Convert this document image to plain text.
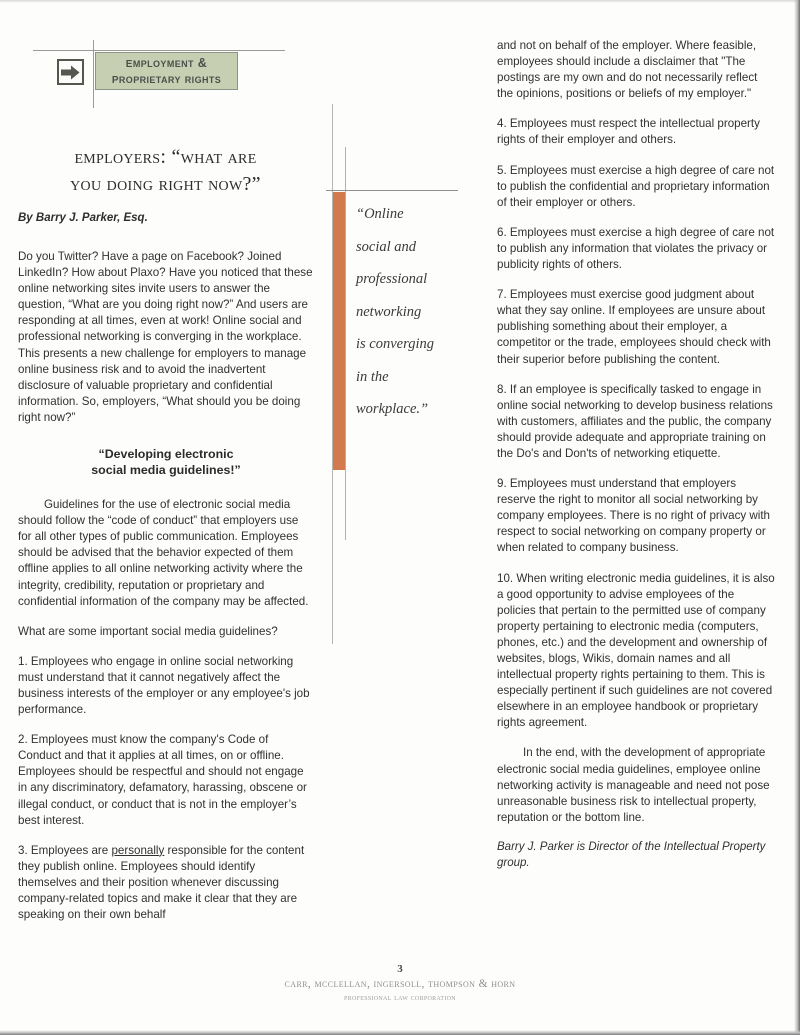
employment &
proprietary rights
employers: “what are
you doing right now?”
By Barry J. Parker, Esq.	“Online
social and
professional
networking
is converging
in the
workplace.”

Do you Twitter? Have a page on Facebook? Joined LinkedIn? How about Plaxo? Have you noticed that these online networking sites invite users to answer the question, “What are you doing right now?” And users are responding at all times, even at work! Online social and professional networking is converging in the workplace. This presents a new challenge for employers to manage online business risk and to avoid the inadvertent disclosure of valuable proprietary and confidential information. So, employers, “What should you be doing right now?”

“Developing electronic
social media guidelines!”

Guidelines for the use of electronic social media should follow the “code of conduct” that employers use for all other types of public communication. Employees should be advised that the behavior expected of them offline applies to all online networking activity where the integrity, credibility, reputation or proprietary and confidential information of the company may be affected.

What are some important social media guidelines?

1. Employees who engage in online social networking must understand that it cannot negatively affect the business interests of the employer or any employee's job performance.

2. Employees must know the company's Code of Conduct and that it applies at all times, on or offline. Employees should be respectful and should not engage in any discriminatory, defamatory, harassing, obscene or illegal conduct, or conduct that is not in the employer’s best interest.

3. Employees are personally responsible for the content they publish online. Employees should identify themselves and their position whenever discussing company-related topics and make it clear that they are speaking on their own behalf

and not on behalf of the employer. Where feasible, employees should include a disclaimer that "The postings are my own and do not necessarily reflect the opinions, positions or beliefs of my employer."

4. Employees must respect the intellectual property rights of their employer and others.

5. Employees must exercise a high degree of care not to publish the confidential and proprietary information of their employer or others.

6. Employees must exercise a high degree of care not to publish any information that violates the privacy or publicity rights of others.

7. Employees must exercise good judgment about what they say online. If employees are unsure about publishing something about their employer, a competitor or the trade, employees should check with their superior before publishing the content.

8. If an employee is specifically tasked to engage in online social networking to develop business relations with customers, affiliates and the public, the company should provide adequate and appropriate training on the Do's and Don'ts of networking etiquette.

9. Employees must understand that employers reserve the right to monitor all social networking by company employees. There is no right of privacy with respect to social networking on company property or when related to company business.

10. When writing electronic media guidelines, it is also a good opportunity to advise employees of the policies that pertain to the permitted use of company property pertaining to electronic media (computers, phones, etc.) and the development and ownership of websites, blogs, Wikis, domain names and all intellectual property rights pertaining to them. This is especially pertinent if such guidelines are not covered elsewhere in an employee handbook or proprietary rights agreement.

In the end, with the development of appropriate electronic social media guidelines, employee online networking activity is manageable and need not pose unreasonable business risk to intellectual property, reputation or the bottom line.

Barry J. Parker is Director of the Intellectual Property group.

3
carr, mcclellan, ingersoll, thompson & horn
professional law corporation
